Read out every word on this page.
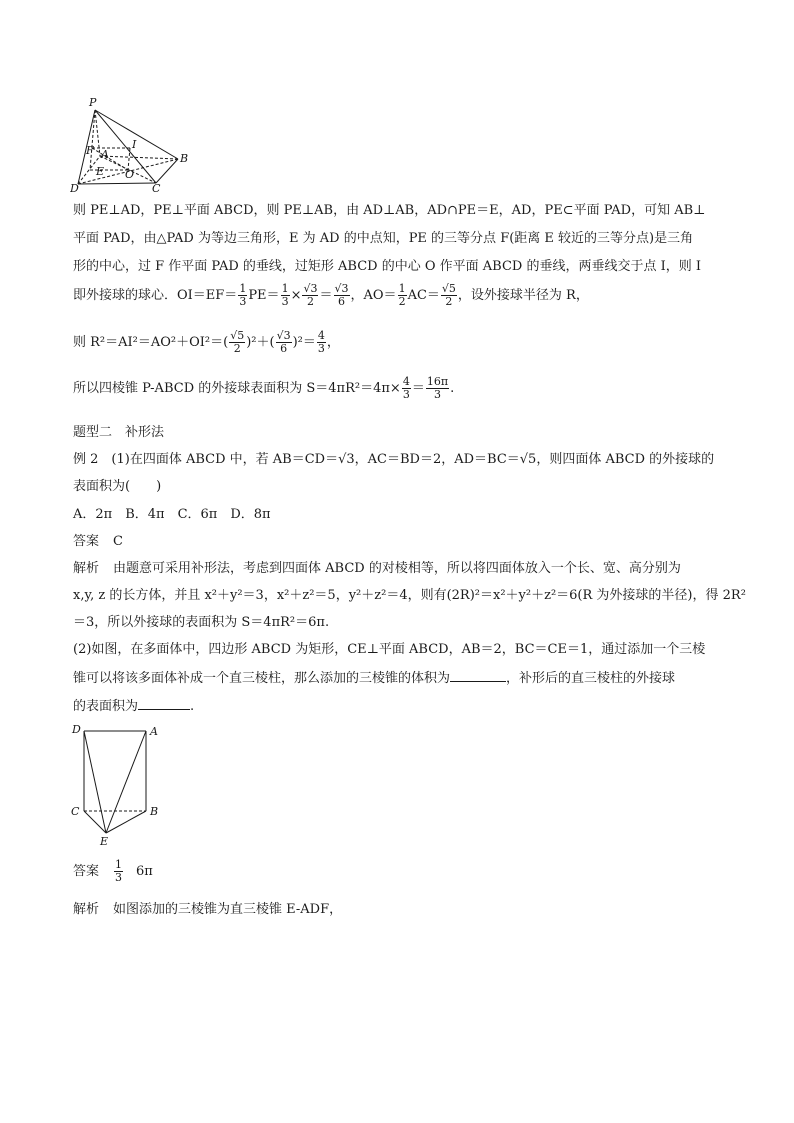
P
I
B
F A
E O
D	C
则 PE⊥AD，PE⊥平面 ABCD，则 PE⊥AB，由 AD⊥AB，AD∩PE＝E，AD，PE⊂平面 PAD，可知 AB⊥
平面 PAD，由△PAD 为等边三角形，E 为 AD 的中点知，PE 的三等分点 F(距离 E 较近的三等分点)是三角
形的中心，过 F 作平面 PAD 的垂线，过矩形 ABCD 的中心 O 作平面 ABCD 的垂线，两垂线交于点 I，则 I
即外接球的球心．$OI=EF= \frac{1}{3} PE= \frac{1}{3} \times \frac{√3}{2} = \frac{√3}{6}$ ，$AO= \frac{1}{2} AC= \frac{√5}{2}$ ，设外接球半径为 R，
则 $R^2=AI^2=AO^2+OI^2=( \frac{√5}{2} )^2+( \frac{√3}{6} )^2= \frac{4}{3}$ ，
所以四棱锥 P-ABCD 的外接球表面积为 $S=4\pi R^2=4\pi\times \frac{4}{3} = \frac{16\pi}{3}$ .
题型二　补形法
例 2　(1)在四面体 ABCD 中，若 AB＝CD＝√3，AC＝BD＝2，AD＝BC＝√5，则四面体 ABCD 的外接球的
表面积为(　　)
A．2π　B．4π　C．6π　D．8π
答案 C
解析 由题意可采用补形法，考虑到四面体 ABCD 的对棱相等，所以将四面体放入一个长、宽、高分别为
x,y, z 的长方体，并且 x²＋y²＝3，x²＋z²＝5，y²＋z²＝4，则有(2R)²＝x²＋y²＋z²＝6(R 为外接球的半径)，得 2R²
＝3，所以外接球的表面积为 S＝4πR²＝6π.
(2)如图，在多面体中，四边形 ABCD 为矩形，CE⊥平面 ABCD，AB＝2，BC＝CE＝1，通过添加一个三棱
锥可以将该多面体补成一个直三棱柱，那么添加的三棱锥的体积为	，补形后的直三棱柱的外接球
的表面积为	.
D	A
C	B
E
答案 $\frac{1}{3} 6\pi$
解析 如图添加的三棱锥为直三棱锥 E-ADF，
